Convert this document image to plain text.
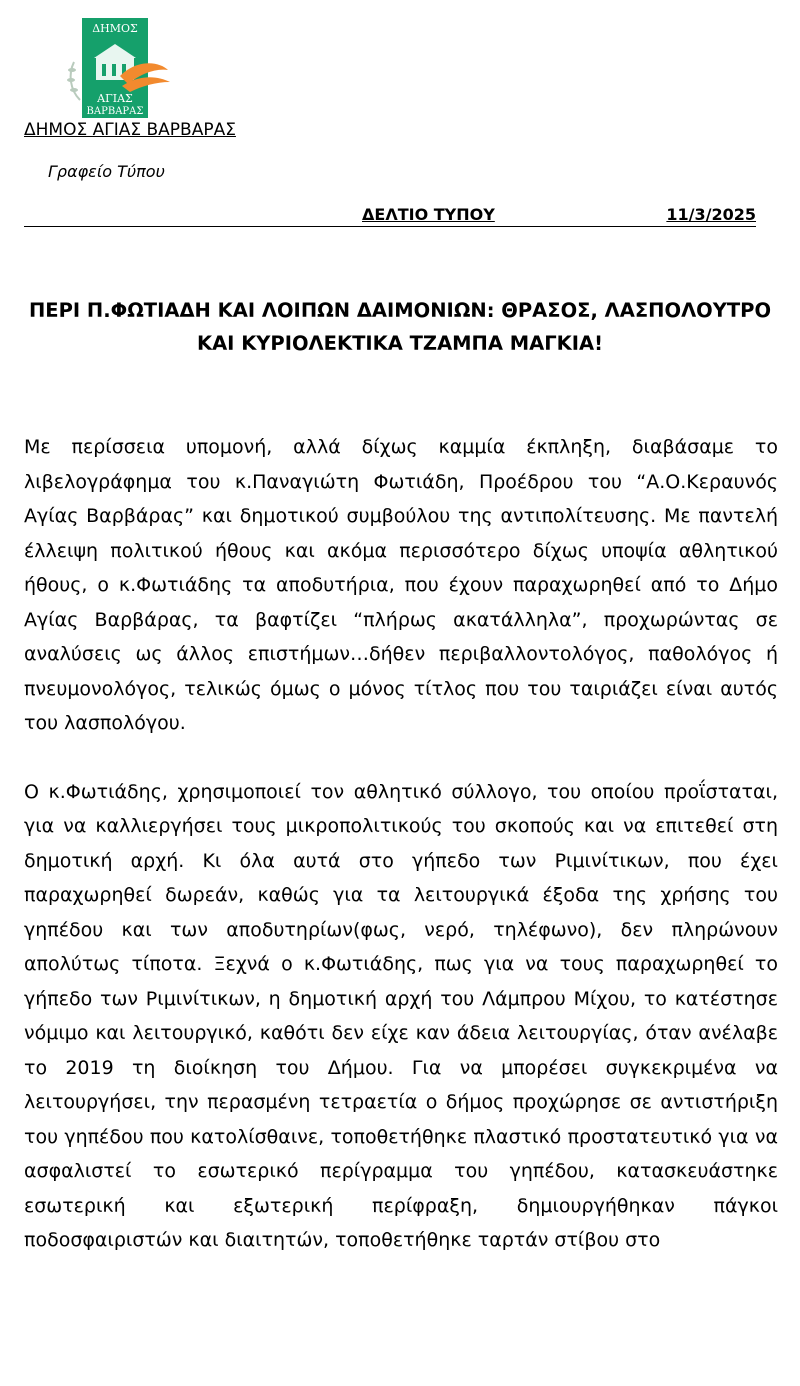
ΔΗΜΟΣ
ΑΓΙΑΣ
ΒΑΡΒΑΡΑΣ
ΔΗΜΟΣ ΑΓΙΑΣ ΒΑΡΒΑΡΑΣ
Γραφείο Τύπου
ΔΕΛΤΙΟ ΤΥΠΟΥ	11/3/2025
ΠΕΡΙ Π.ΦΩΤΙΑΔΗ ΚΑΙ ΛΟΙΠΩΝ ΔΑΙΜΟΝΙΩΝ: ΘΡΑΣΟΣ, ΛΑΣΠΟΛΟΥΤΡΟ
ΚΑΙ ΚΥΡΙΟΛΕΚΤΙΚΑ ΤΖΑΜΠΑ ΜΑΓΚΙΑ!

Με περίσσεια υπομονή, αλλά δίχως καμμία έκπληξη, διαβάσαμε το λιβελογράφημα του κ.Παναγιώτη Φωτιάδη, Προέδρου του “Α.Ο.Κεραυνός Αγίας Βαρβάρας” και δημοτικού συμβούλου της αντιπολίτευσης. Με παντελή έλλειψη πολιτικού ήθους και ακόμα περισσότερο δίχως υποψία αθλητικού ήθους, ο κ.Φωτιάδης τα αποδυτήρια, που έχουν παραχωρηθεί από το Δήμο Αγίας Βαρβάρας, τα βαφτίζει “πλήρως ακατάλληλα”, προχωρώντας σε αναλύσεις ως άλλος επιστήμων…δήθεν περιβαλλοντολόγος, παθολόγος ή πνευμονολόγος, τελικώς όμως ο μόνος τίτλος που του ταιριάζει είναι αυτός του λασπολόγου.

Ο κ.Φωτιάδης, χρησιμοποιεί τον αθλητικό σύλλογο, του οποίου προΐσταται, για να καλλιεργήσει τους μικροπολιτικούς του σκοπούς και να επιτεθεί στη δημοτική αρχή. Κι όλα αυτά στο γήπεδο των Ριμινίτικων, που έχει παραχωρηθεί δωρεάν, καθώς για τα λειτουργικά έξοδα της χρήσης του γηπέδου και των αποδυτηρίων(φως, νερό, τηλέφωνο), δεν πληρώνουν απολύτως τίποτα. Ξεχνά ο κ.Φωτιάδης, πως για να τους παραχωρηθεί το γήπεδο των Ριμινίτικων, η δημοτική αρχή του Λάμπρου Μίχου, το κατέστησε νόμιμο και λειτουργικό, καθότι δεν είχε καν άδεια λειτουργίας, όταν ανέλαβε το 2019 τη διοίκηση του Δήμου. Για να μπορέσει συγκεκριμένα να λειτουργήσει, την περασμένη τετραετία ο δήμος προχώρησε σε αντιστήριξη του γηπέδου που κατολίσθαινε, τοποθετήθηκε πλαστικό προστατευτικό για να ασφαλιστεί το εσωτερικό περίγραμμα του γηπέδου, κατασκευάστηκε εσωτερική και εξωτερική περίφραξη, δημιουργήθηκαν πάγκοι ποδοσφαιριστών και διαιτητών, τοποθετήθηκε ταρτάν στίβου στο
